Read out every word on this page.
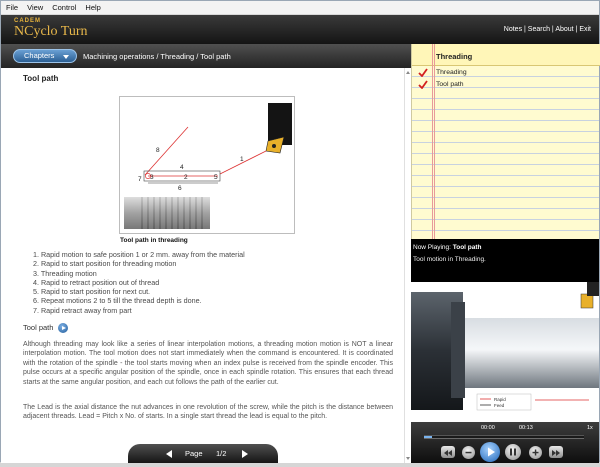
File View Control Help
CADEM
NCyclo Turn	Notes | Search | About | Exit
Chapters	Machining operations / Threading / Tool path
Tool path
1
2
3
4
5
6
7
8
Tool path in threading
1. Rapid motion to safe position 1 or 2 mm. away from the material
2. Rapid to start position for threading motion
3. Threading motion
4. Rapid to retract position out of thread
5. Rapid to start position for next cut.
6. Repeat motions 2 to 5 till the thread depth is done.
7. Rapid retract away from part
Tool path

Although threading may look like a series of linear interpolation motions, a threading motion motion is NOT a linear interpolation motion. The tool motion does not start immediately when the command is encountered. It is coordinated with the rotation of the spindle - the tool starts moving when an index pulse is received from the spindle encoder. This pulse occurs at a specific angular position of the spindle, once in each spindle rotation. This ensures that each thread starts at the same angular position, and each cut follows the path of the earlier cut.

The Lead is the axial distance the nut advances in one revolution of the screw, while the pitch is the distance between adjacent threads. Lead = Pitch x No. of starts. In a single start thread the lead is equal to the pitch.

Page 1/2
Threading
Threading
Tool path
Now Playing: Tool path
Tool motion in Threading.
Rapid
Feed
00:00	00:13	1x
